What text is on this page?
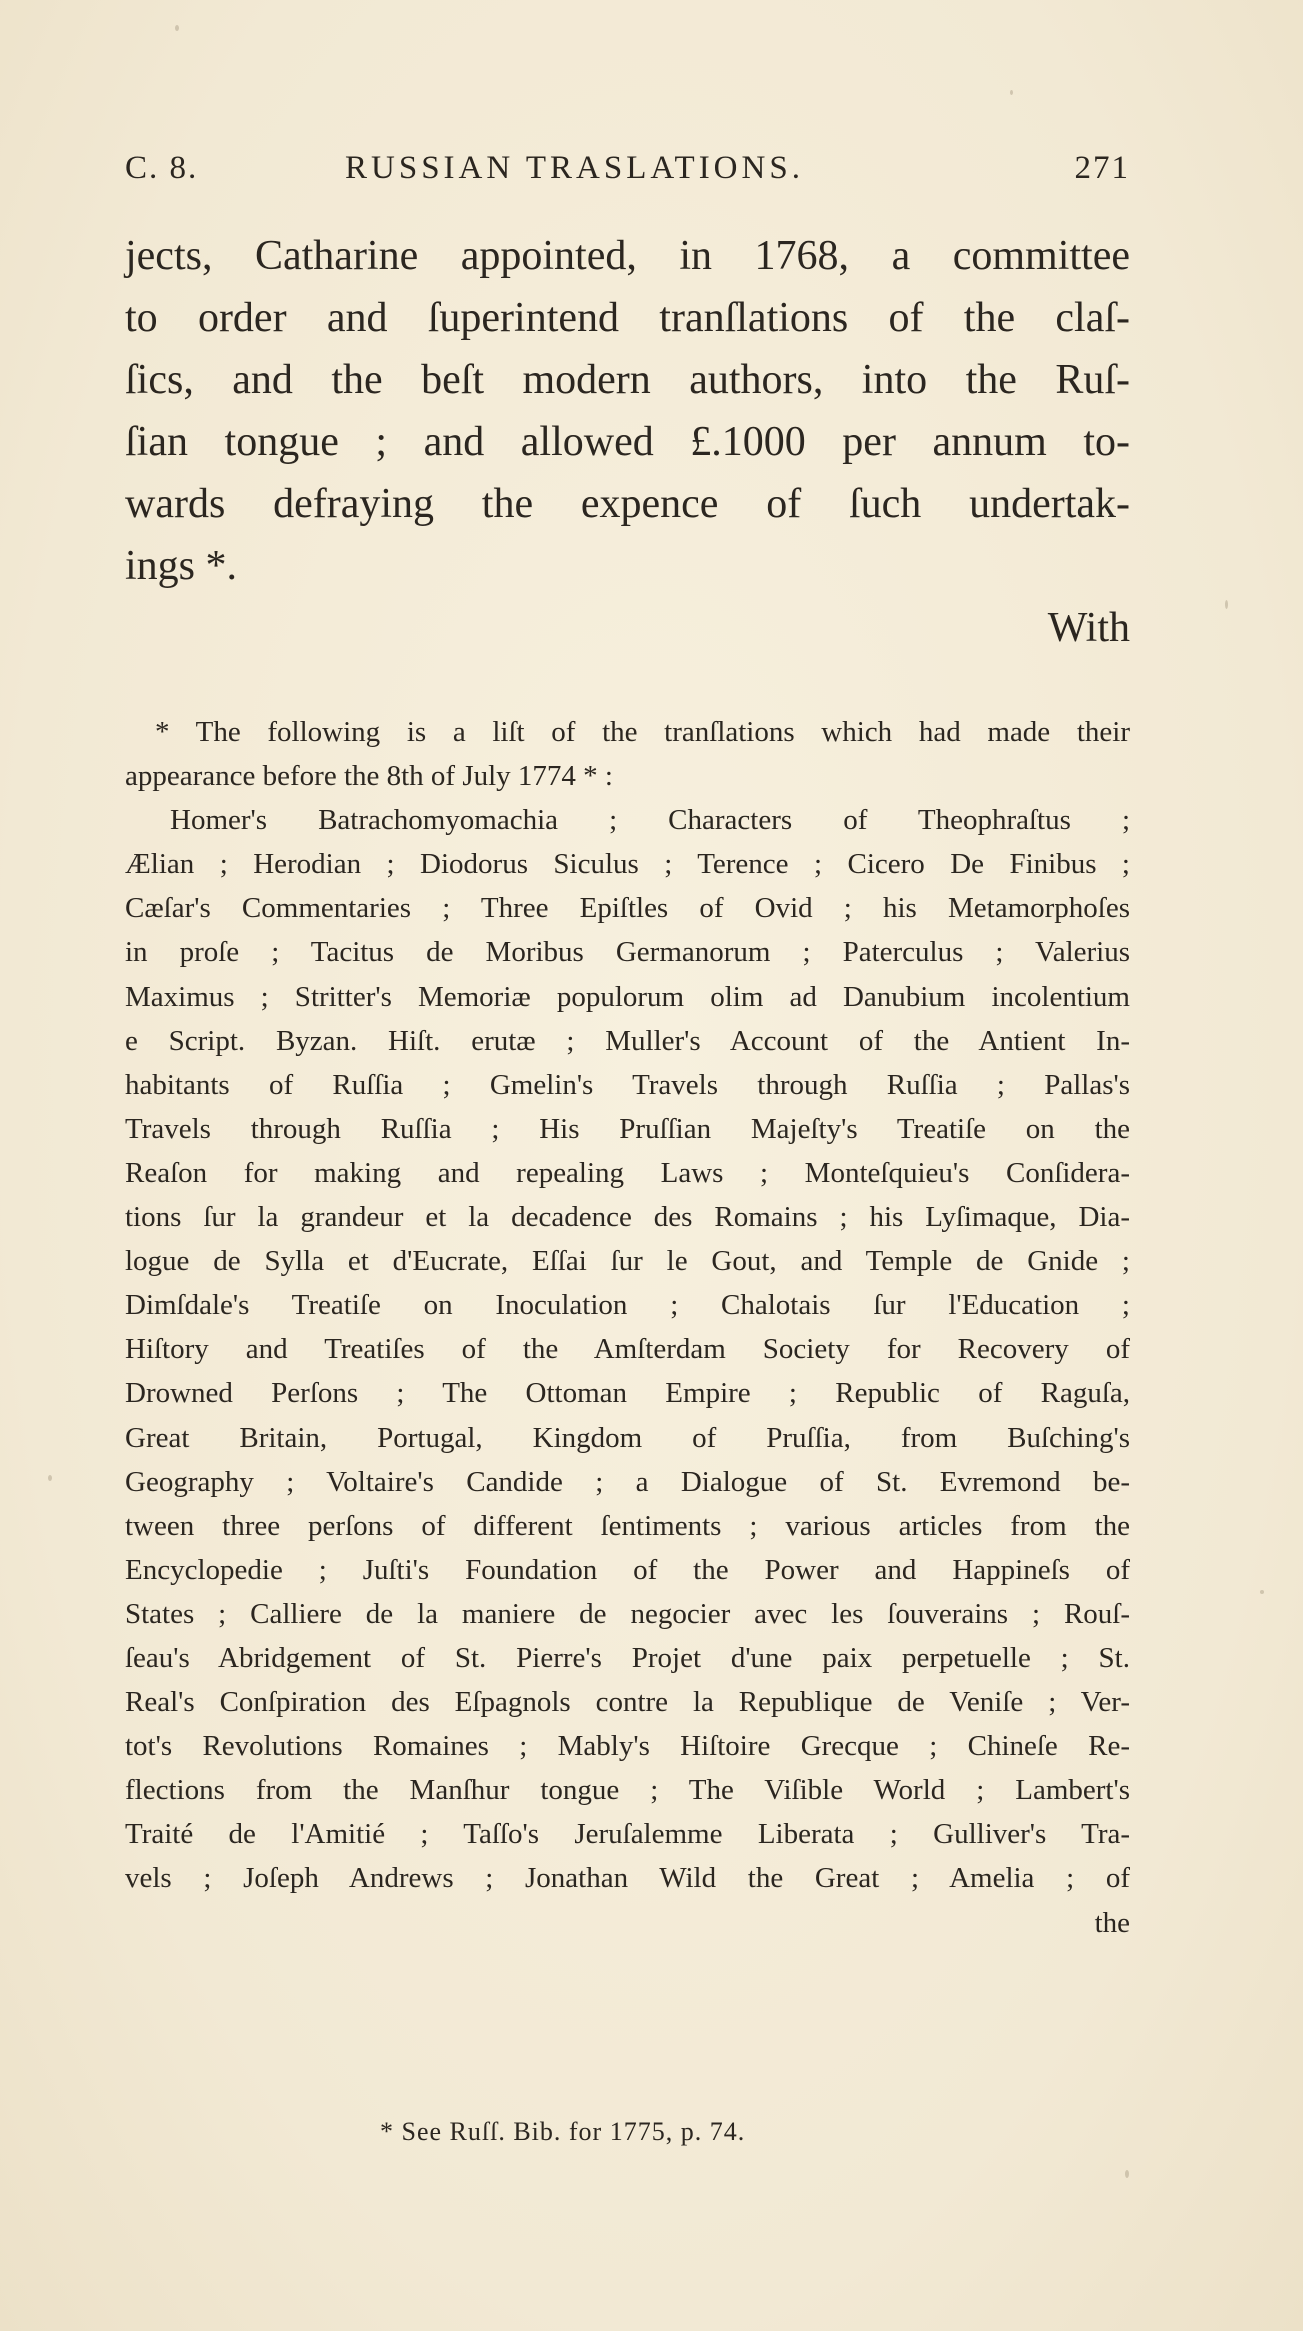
C. 8.	RUSSIAN TRASLATIONS.	271
jects, Catharine appointed, in 1768, a committee
to order and ſuperintend tranſlations of the claſ-
ſics, and the beſt modern authors, into the Ruſ-
ſian tongue ; and allowed £.1000 per annum to-
wards defraying the expence of ſuch undertak-
ings *.
With
* The following is a liſt of the tranſlations which had made their
appearance before the 8th of July 1774 * :
Homer's Batrachomyomachia ; Characters of Theophraſtus ;
Ælian ; Herodian ; Diodorus Siculus ; Terence ; Cicero De Finibus ;
Cæſar's Commentaries ; Three Epiſtles of Ovid ; his Metamorphoſes
in proſe ; Tacitus de Moribus Germanorum ; Paterculus ; Valerius
Maximus ; Stritter's Memoriæ populorum olim ad Danubium incolentium
e Script. Byzan. Hiſt. erutæ ; Muller's Account of the Antient In-
habitants of Ruſſia ; Gmelin's Travels through Ruſſia ; Pallas's
Travels through Ruſſia ; His Pruſſian Majeſty's Treatiſe on the
Reaſon for making and repealing Laws ; Monteſquieu's Conſidera-
tions ſur la grandeur et la decadence des Romains ; his Lyſimaque, Dia-
logue de Sylla et d'Eucrate, Eſſai ſur le Gout, and Temple de Gnide ;
Dimſdale's Treatiſe on Inoculation ; Chalotais ſur l'Education ;
Hiſtory and Treatiſes of the Amſterdam Society for Recovery of
Drowned Perſons ; The Ottoman Empire ; Republic of Raguſa,
Great Britain, Portugal, Kingdom of Pruſſia, from Buſching's
Geography ; Voltaire's Candide ; a Dialogue of St. Evremond be-
tween three perſons of different ſentiments ; various articles from the
Encyclopedie ; Juſti's Foundation of the Power and Happineſs of
States ; Calliere de la maniere de negocier avec les ſouverains ; Rouſ-
ſeau's Abridgement of St. Pierre's Projet d'une paix perpetuelle ; St.
Real's Conſpiration des Eſpagnols contre la Republique de Veniſe ; Ver-
tot's Revolutions Romaines ; Mably's Hiſtoire Grecque ; Chineſe Re-
flections from the Manſhur tongue ; The Viſible World ; Lambert's
Traité de l'Amitié ; Taſſo's Jeruſalemme Liberata ; Gulliver's Tra-
vels ; Joſeph Andrews ; Jonathan Wild the Great ; Amelia ; of
the
* See Ruſſ. Bib. for 1775, p. 74.
